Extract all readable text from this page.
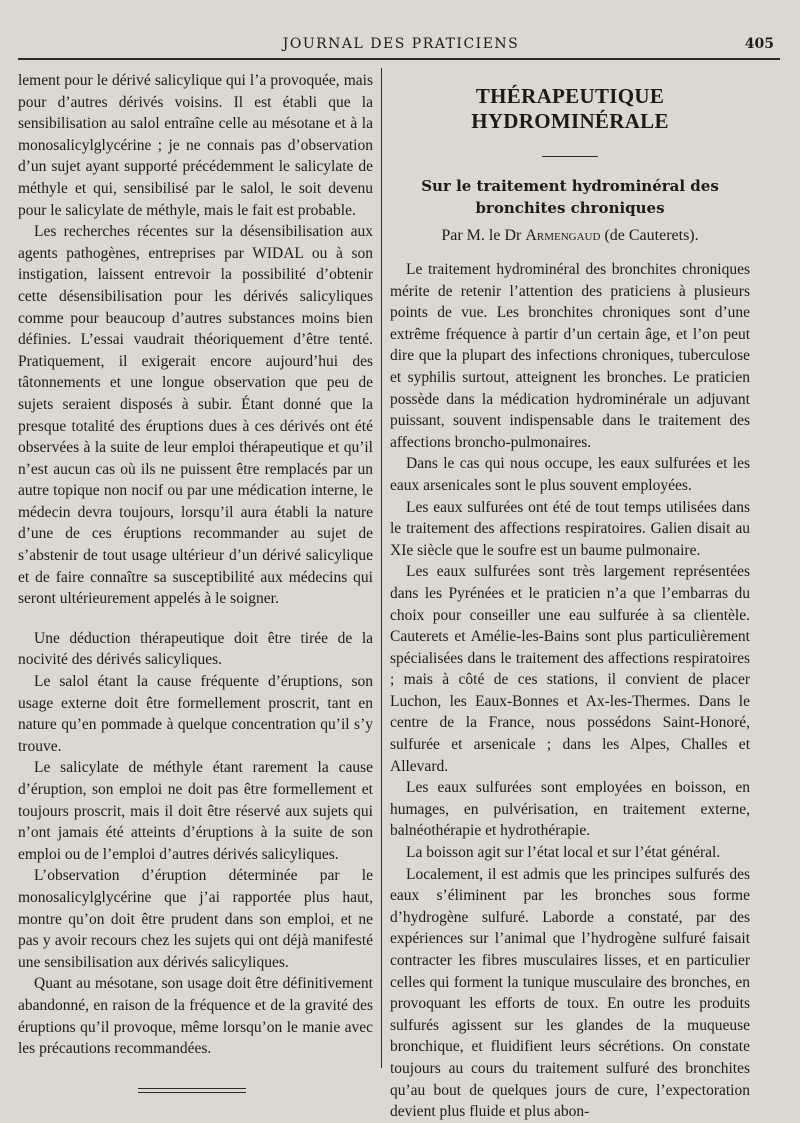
JOURNAL DES PRATICIENS	405

lement pour le dérivé salicylique qui l’a provoquée, mais pour d’autres dérivés voisins. Il est établi que la sensibilisation au salol entraîne celle au mésotane et à la monosalicylglycérine ; je ne connais pas d’observation d’un sujet ayant supporté précédemment le salicylate de méthyle et qui, sensibilisé par le salol, le soit devenu pour le salicylate de méthyle, mais le fait est probable.

Les recherches récentes sur la désensibilisation aux agents pathogènes, entreprises par WIDAL ou à son instigation, laissent entrevoir la possibilité d’obtenir cette désensibilisation pour les dérivés salicyliques comme pour beaucoup d’autres substances moins bien définies. L’essai vaudrait théoriquement d’être tenté. Pratiquement, il exigerait encore aujourd’hui des tâtonnements et une longue observation que peu de sujets seraient disposés à subir. Étant donné que la presque totalité des éruptions dues à ces dérivés ont été observées à la suite de leur emploi thérapeutique et qu’il n’est aucun cas où ils ne puissent être remplacés par un autre topique non nocif ou par une médication interne, le médecin devra toujours, lorsqu’il aura établi la nature d’une de ces éruptions recommander au sujet de s’abstenir de tout usage ultérieur d’un dérivé salicylique et de faire connaître sa susceptibilité aux médecins qui seront ultérieurement appelés à le soigner.

Une déduction thérapeutique doit être tirée de la nocivité des dérivés salicyliques.

Le salol étant la cause fréquente d’éruptions, son usage externe doit être formellement proscrit, tant en nature qu’en pommade à quelque concentration qu’il s’y trouve.

Le salicylate de méthyle étant rarement la cause d’éruption, son emploi ne doit pas être formellement et toujours proscrit, mais il doit être réservé aux sujets qui n’ont jamais été atteints d’éruptions à la suite de son emploi ou de l’emploi d’autres dérivés salicyliques.

L’observation d’éruption déterminée par le monosalicylglycérine que j’ai rapportée plus haut, montre qu’on doit être prudent dans son emploi, et ne pas y avoir recours chez les sujets qui ont déjà manifesté une sensibilisation aux dérivés salicyliques.

Quant au mésotane, son usage doit être définitivement abandonné, en raison de la fréquence et de la gravité des éruptions qu’il provoque, même lorsqu’on le manie avec les précautions recommandées.

THÉRAPEUTIQUE HYDROMINÉRALE
Sur le traitement hydrominéral des bronchites chroniques
Par M. le Dr Armengaud (de Cauterets).

Le traitement hydrominéral des bronchites chroniques mérite de retenir l’attention des praticiens à plusieurs points de vue. Les bronchites chroniques sont d’une extrême fréquence à partir d’un certain âge, et l’on peut dire que la plupart des infections chroniques, tuberculose et syphilis surtout, atteignent les bronches. Le praticien possède dans la médication hydrominérale un adjuvant puissant, souvent indispensable dans le traitement des affections broncho-pulmonaires.

Dans le cas qui nous occupe, les eaux sulfurées et les eaux arsenicales sont le plus souvent employées.

Les eaux sulfurées ont été de tout temps utilisées dans le traitement des affections respiratoires. Galien disait au XIe siècle que le soufre est un baume pulmonaire.

Les eaux sulfurées sont très largement représentées dans les Pyrénées et le praticien n’a que l’embarras du choix pour conseiller une eau sulfurée à sa clientèle. Cauterets et Amélie-les-Bains sont plus particulièrement spécialisées dans le traitement des affections respiratoires ; mais à côté de ces stations, il convient de placer Luchon, les Eaux-Bonnes et Ax-les-Thermes. Dans le centre de la France, nous possédons Saint-Honoré, sulfurée et arsenicale ; dans les Alpes, Challes et Allevard.

Les eaux sulfurées sont employées en boisson, en humages, en pulvérisation, en traitement externe, balnéothérapie et hydrothérapie.

La boisson agit sur l’état local et sur l’état général.

Localement, il est admis que les principes sulfurés des eaux s’éliminent par les bronches sous forme d’hydrogène sulfuré. Laborde a constaté, par des expériences sur l’animal que l’hydrogène sulfuré faisait contracter les fibres musculaires lisses, et en particulier celles qui forment la tunique musculaire des bronches, en provoquant les efforts de toux. En outre les produits sulfurés agissent sur les glandes de la muqueuse bronchique, et fluidifient leurs sécrétions. On constate toujours au cours du traitement sulfuré des bronchites qu’au bout de quelques jours de cure, l’expectoration devient plus fluide et plus abon-
